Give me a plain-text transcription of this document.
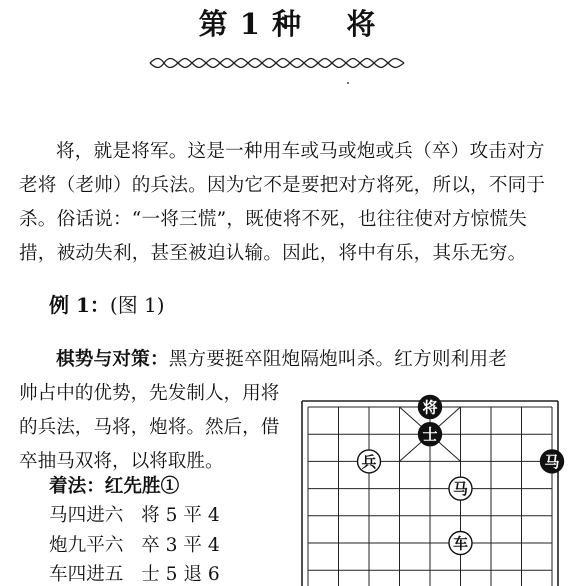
第 1 种    将
将，就是将军。这是一种用车或马或炮或兵（卒）攻击对方老将（老帅）的兵法。因为它不是要把对方将死，所以，不同于杀。俗话说：“一将三慌”，既使将不死，也往往使对方惊慌失措，被动失利，甚至被迫认输。因此，将中有乐，其乐无穷。
例 1：(图 1)
棋势与对策：黑方要挺卒阻炮隔炮叫杀。红方则利用老
帅占中的优势，先发制人，用将的兵法，马将，炮将。然后，借卒抽马双将，以将取胜。
着法：红先胜①
马四进六 将 5 平 4
炮九平六 卒 3 平 4
车四进五 士 5 退 6
将
士
兵	马
马
车
